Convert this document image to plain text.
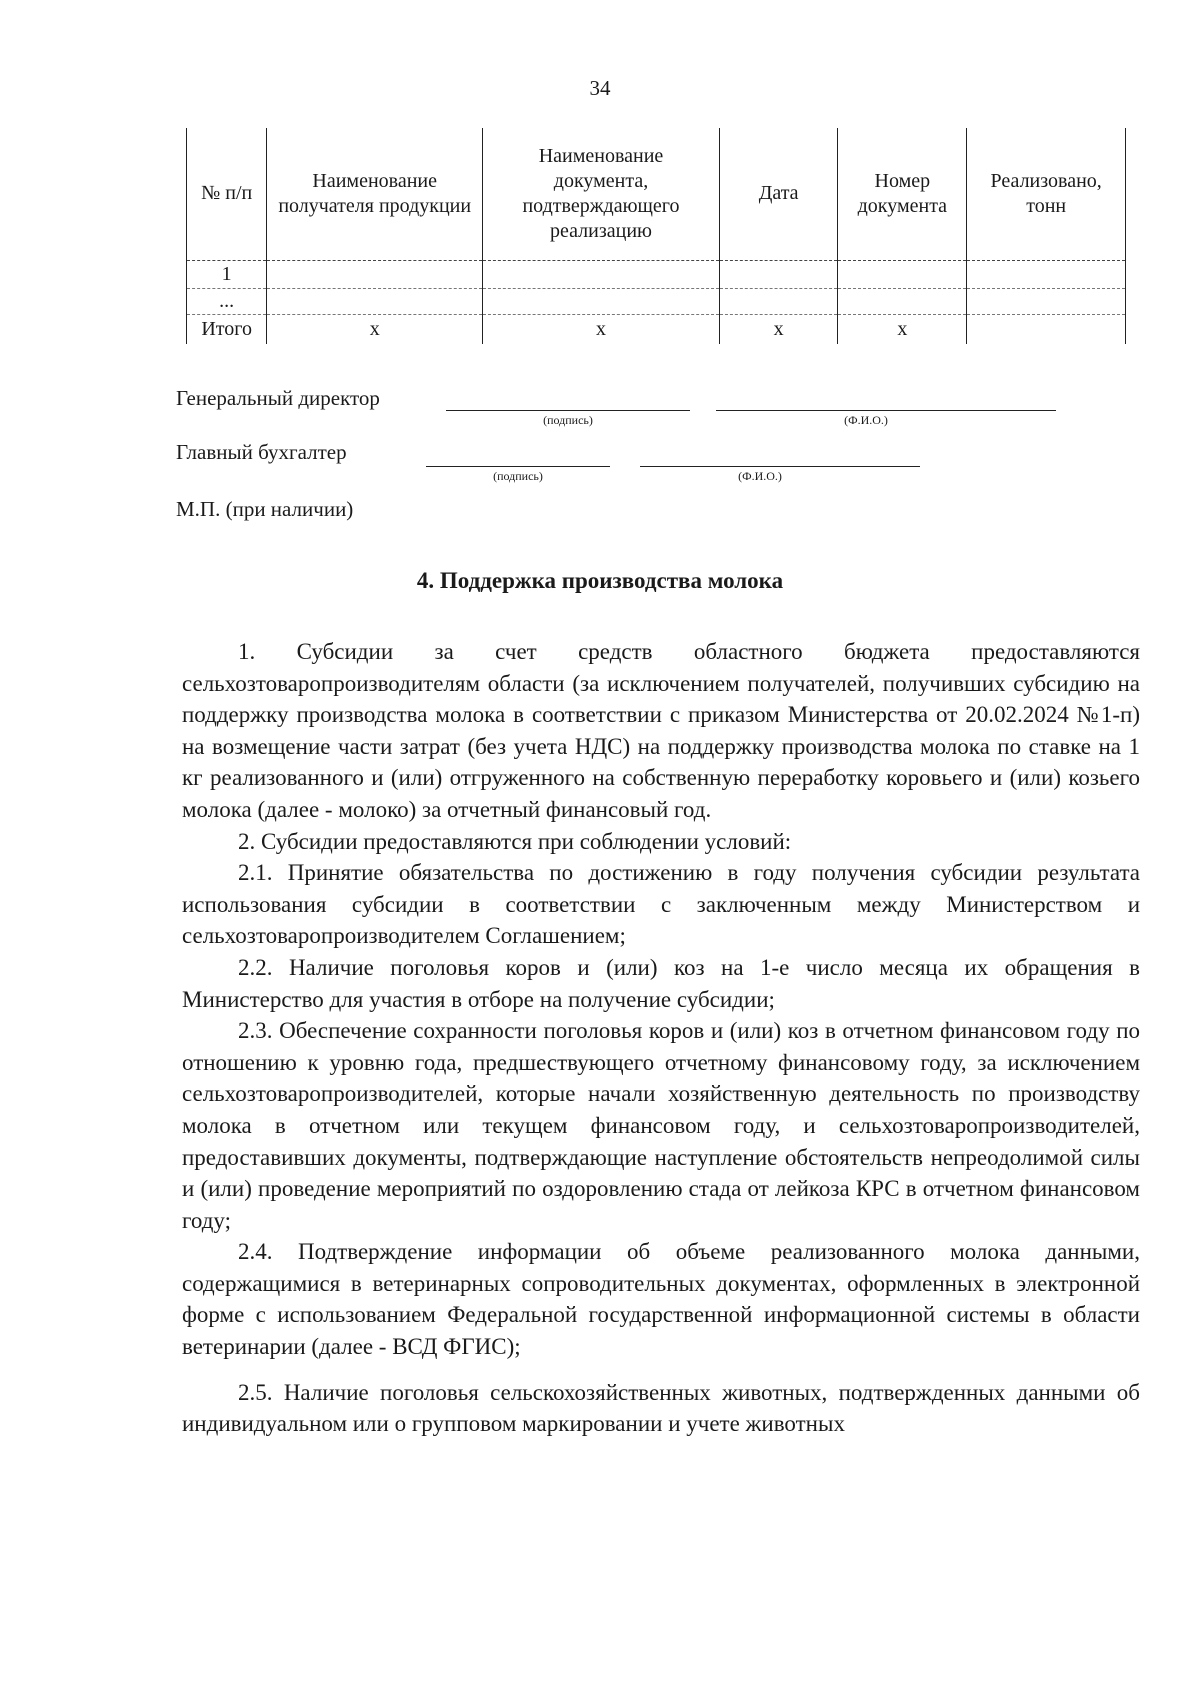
34
№ п/п	Наименование получателя продукции	Наименование документа, подтверждающего реализацию	Дата	Номер документа	Реализовано, тонн
1					
...					
Итого	х	х	х	х	
Генеральный директор
(подпись)	(Ф.И.О.)
Главный бухгалтер
(подпись)	(Ф.И.О.)
М.П. (при наличии)
4. Поддержка производства молока

1. Субсидии за счет средств областного бюджета предоставляются сельхозтоваропроизводителям области (за исключением получателей, получивших субсидию на поддержку производства молока в соответствии с приказом Министерства от 20.02.2024 №1-п) на возмещение части затрат (без учета НДС) на поддержку производства молока по ставке на 1 кг реализованного и (или) отгруженного на собственную переработку коровьего и (или) козьего молока (далее - молоко) за отчетный финансовый год.

2. Субсидии предоставляются при соблюдении условий:

2.1. Принятие обязательства по достижению в году получения субсидии результата использования субсидии в соответствии с заключенным между Министерством и сельхозтоваропроизводителем Соглашением;

2.2. Наличие поголовья коров и (или) коз на 1-е число месяца их обращения в Министерство для участия в отборе на получение субсидии;

2.3. Обеспечение сохранности поголовья коров и (или) коз в отчетном финансовом году по отношению к уровню года, предшествующего отчетному финансовому году, за исключением сельхозтоваропроизводителей, которые начали хозяйственную деятельность по производству молока в отчетном или текущем финансовом году, и сельхозтоваропроизводителей, предоставивших документы, подтверждающие наступление обстоятельств непреодолимой силы и (или) проведение мероприятий по оздоровлению стада от лейкоза КРС в отчетном финансовом году;

2.4. Подтверждение информации об объеме реализованного молока данными, содержащимися в ветеринарных сопроводительных документах, оформленных в электронной форме с использованием Федеральной государственной информационной системы в области ветеринарии (далее - ВСД ФГИС);

2.5. Наличие поголовья сельскохозяйственных животных, подтвержденных данными об индивидуальном или о групповом маркировании и учете животных
